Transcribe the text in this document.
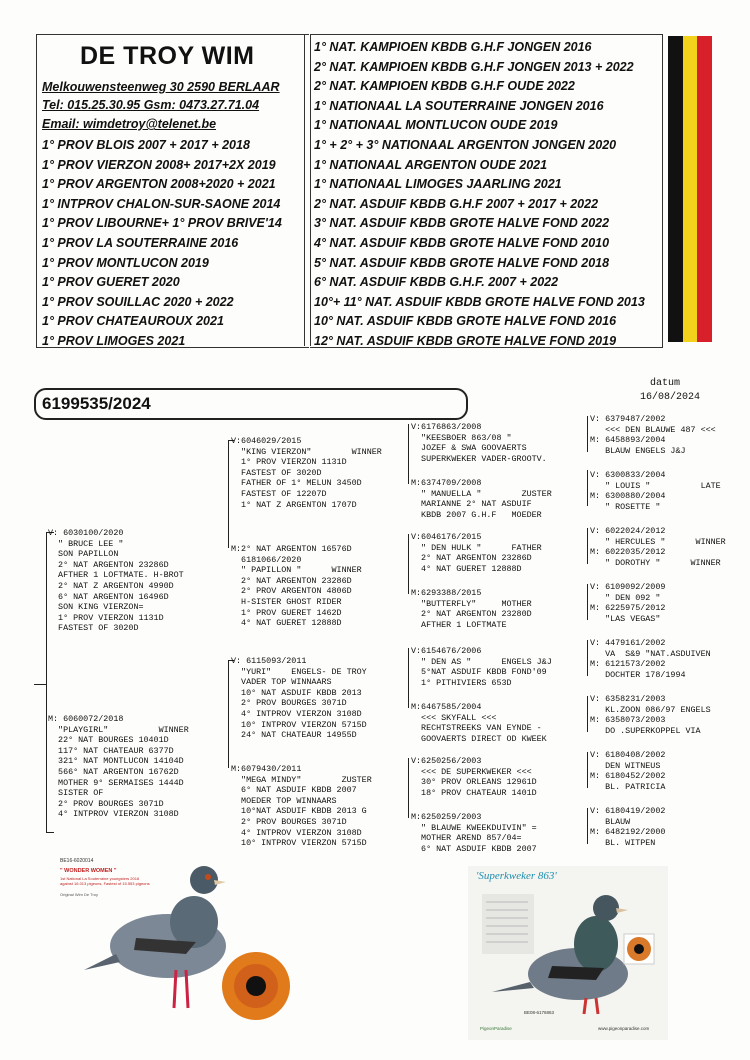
DE TROY WIM
Melkouwensteenweg 30 2590 BERLAAR
Tel: 015.25.30.95 Gsm: 0473.27.71.04
Email: wimdetroy@telenet.be
1° PROV BLOIS 2007 + 2017 + 2018
1° PROV VIERZON 2008+ 2017+2X 2019
1° PROV ARGENTON 2008+2020 + 2021
1° INTPROV CHALON-SUR-SAONE 2014
1° PROV LIBOURNE+ 1° PROV BRIVE'14
1° PROV LA SOUTERRAINE 2016
1° PROV MONTLUCON 2019
1° PROV GUERET 2020
1° PROV SOUILLAC 2020 + 2022
1° PROV CHATEAUROUX 2021
1° PROV LIMOGES 2021
1° NAT. KAMPIOEN KBDB G.H.F JONGEN 2016
2° NAT. KAMPIOEN KBDB G.H.F JONGEN 2013 + 2022
2° NAT. KAMPIOEN KBDB G.H.F OUDE 2022
1° NATIONAAL LA SOUTERRAINE JONGEN 2016
1° NATIONAAL MONTLUCON OUDE 2019
1° + 2° + 3° NATIONAAL ARGENTON JONGEN 2020
1° NATIONAAL ARGENTON OUDE 2021
1° NATIONAAL LIMOGES JAARLING 2021
2° NAT. ASDUIF KBDB G.H.F 2007 + 2017 + 2022
3° NAT. ASDUIF KBDB GROTE HALVE FOND 2022
4° NAT. ASDUIF KBDB GROTE HALVE FOND 2010
5° NAT. ASDUIF KBDB GROTE HALVE FOND 2018
6° NAT. ASDUIF KBDB G.H.F. 2007 + 2022
10°+ 11° NAT. ASDUIF KBDB GROTE HALVE FOND 2013
10° NAT. ASDUIF KBDB GROTE HALVE FOND 2016
12° NAT. ASDUIF KBDB GROTE HALVE FOND 2019
6199535/2024
datum
16/08/2024
V: 6030100/2020
" BRUCE LEE "
SON PAPILLON
2° NAT ARGENTON 23286D
AFTHER 1 LOFTMATE. H-BROT
2° NAT Z ARGENTON 4990D
6° NAT ARGENTON 16496D
SON KING VIERZON=
1° PROV VIERZON 1131D
FASTEST OF 3020D
M: 6060072/2018
"PLAYGIRL"          WINNER
22° NAT BOURGES 10401D
117° NAT CHATEAUR 6377D
321° NAT MONTLUCON 14104D
566° NAT ARGENTON 16762D
MOTHER 9° SERMAISES 1444D
SISTER OF
2° PROV BOURGES 3071D
4° INTPROV VIERZON 3108D
V:6046029/2015
"KING VIERZON"        WINNER
1° PROV VIERZON 1131D
FASTEST OF 3020D
FATHER OF 1° MELUN 3450D
FASTEST OF 12207D
1° NAT Z ARGENTON 1707D
M:2° NAT ARGENTON 16576D
6181066/2020
" PAPILLON "      WINNER
2° NAT ARGENTON 23286D
2° PROV ARGENTON 4806D
H-SISTER GHOST RIDER
1° PROV GUERET 1462D
4° NAT GUERET 12888D
V: 6115093/2011
"YURI"    ENGELS- DE TROY
VADER TOP WINNAARS
10° NAT ASDUIF KBDB 2013
2° PROV BOURGES 3071D
4° INTPROV VIERZON 3108D
10° INTPROV VIERZON 5715D
24° NAT CHATEAUR 14955D
M:6079430/2011
"MEGA MINDY"        ZUSTER
6° NAT ASDUIF KBDB 2007
MOEDER TOP WINNAARS
10°NAT ASDUIF KBDB 2013 G
2° PROV BOURGES 3071D
4° INTPROV VIERZON 3108D
10° INTPROV VIERZON 5715D
V:6176863/2008
"KEESBOER 863/08 "
JOZEF & SWA GOOVAERTS
SUPERKWEKER VADER-GROOTV.
M:6374709/2008
" MANUELLA "        ZUSTER
MARIANNE 2° NAT ASDUIF
KBDB 2007 G.H.F   MOEDER
V:6046176/2015
" DEN HULK "      FATHER
2° NAT ARGENTON 23286D
4° NAT GUERET 12888D
M:6293388/2015
"BUTTERFLY"     MOTHER
2° NAT ARGENTON 23280D
AFTHER 1 LOFTMATE
V:6154676/2006
" DEN AS "      ENGELS J&J
5°NAT ASDUIF KBDB FOND'09
1° PITHIVIERS 653D
M:6467585/2004
<<< SKYFALL <<<
RECHTSTREEKS VAN EYNDE -
GOOVAERTS DIRECT OD KWEEK
V:6250256/2003
<<< DE SUPERKWEKER <<<
30° PROV ORLEANS 12961D
18° PROV CHATEAUR 1401D
M:6250259/2003
" BLAUWE KWEEKDUIVIN" =
MOTHER AREND 857/04=
6° NAT ASDUIF KBDB 2007
V: 6379487/2002
<<< DEN BLAUWE 487 <<<
M: 6458893/2004
BLAUW ENGELS J&J
V: 6300833/2004
" LOUIS "          LATE
M: 6300880/2004
" ROSETTE "
V: 6022024/2012
" HERCULES "      WINNER
M: 6022035/2012
" DOROTHY "      WINNER
V: 6109092/2009
" DEN 092 "
M: 6225975/2012
"LAS VEGAS"
V: 4479161/2002
VA  S&9 "NAT.ASDUIVEN
M: 6121573/2002
DOCHTER 178/1994
V: 6358231/2003
KL.ZOON 086/97 ENGELS
M: 6358073/2003
DO .SUPERKOPPEL VIA
V: 6180408/2002
DEN WITNEUS
M: 6180452/2002
BL. PATRICIA
V: 6180419/2002
BLAUW
M: 6482192/2000
BL. WITPEN
BE16-6020014
" WONDER WOMEN "
1st National La Souterraine youngsters 2016 against 16.013 pigeons, Fastest of 15.553 pigeons
Original Wim De Troy
'Superkweker 863'
BE08-6176863
PigeonParadise	www.pigeonparadise.com
